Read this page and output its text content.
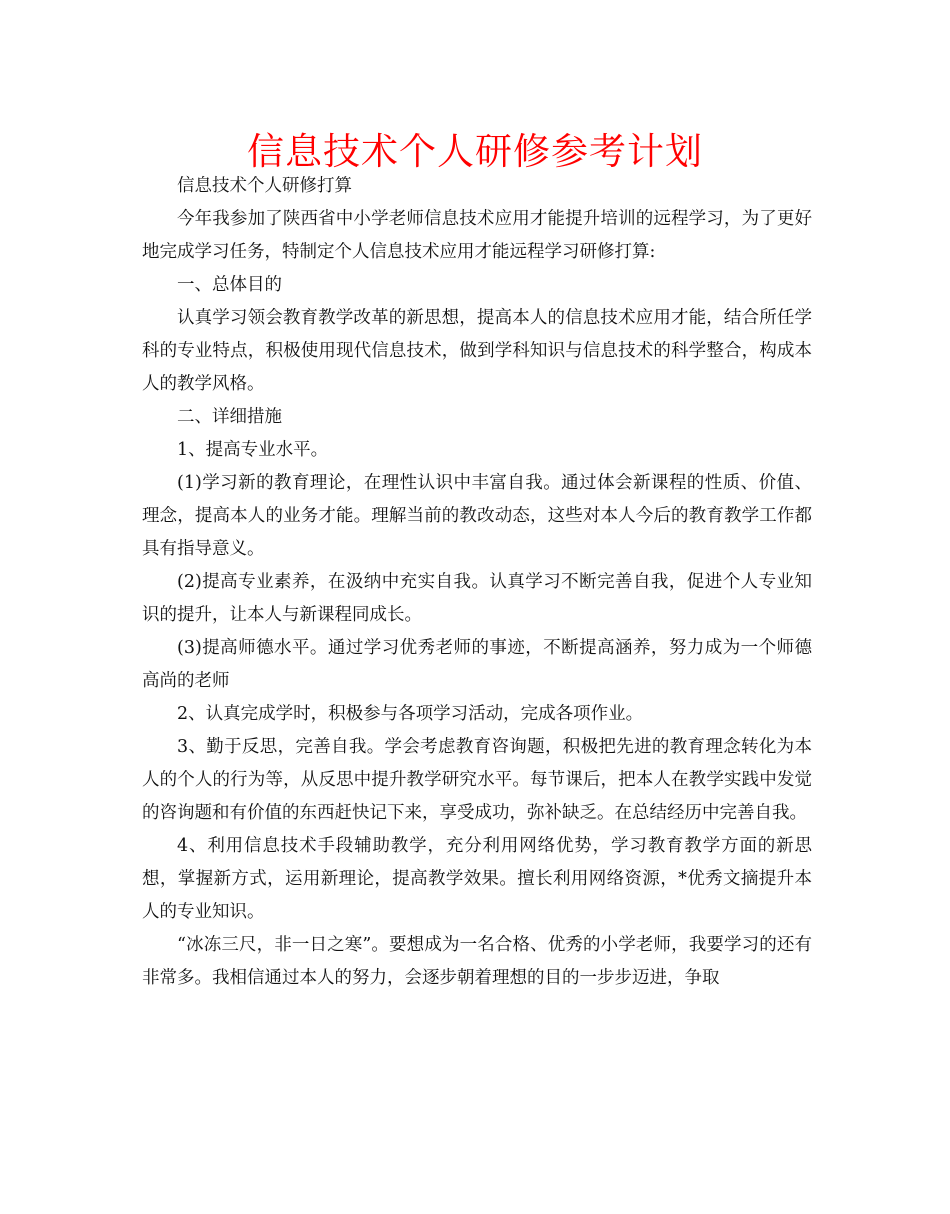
信息技术个人研修参考计划

信息技术个人研修打算

今年我参加了陕西省中小学老师信息技术应用才能提升培训的远程学习，为了更好地完成学习任务，特制定个人信息技术应用才能远程学习研修打算:

一、总体目的

认真学习领会教育教学改革的新思想，提高本人的信息技术应用才能，结合所任学科的专业特点，积极使用现代信息技术，做到学科知识与信息技术的科学整合，构成本人的教学风格。

二、详细措施

1、提高专业水平。

(1)学习新的教育理论，在理性认识中丰富自我。通过体会新课程的性质、价值、理念，提高本人的业务才能。理解当前的教改动态，这些对本人今后的教育教学工作都具有指导意义。

(2)提高专业素养，在汲纳中充实自我。认真学习不断完善自我，促进个人专业知识的提升，让本人与新课程同成长。

(3)提高师德水平。通过学习优秀老师的事迹，不断提高涵养，努力成为一个师德高尚的老师

2、认真完成学时，积极参与各项学习活动，完成各项作业。

3、勤于反思，完善自我。学会考虑教育咨询题，积极把先进的教育理念转化为本人的个人的行为等，从反思中提升教学研究水平。每节课后，把本人在教学实践中发觉的咨询题和有价值的东西赶快记下来，享受成功，弥补缺乏。在总结经历中完善自我。

4、利用信息技术手段辅助教学，充分利用网络优势，学习教育教学方面的新思想，掌握新方式，运用新理论，提高教学效果。擅长利用网络资源，*优秀文摘提升本人的专业知识。

“冰冻三尺，非一日之寒”。要想成为一名合格、优秀的小学老师，我要学习的还有非常多。我相信通过本人的努力，会逐步朝着理想的目的一步步迈进，争取
